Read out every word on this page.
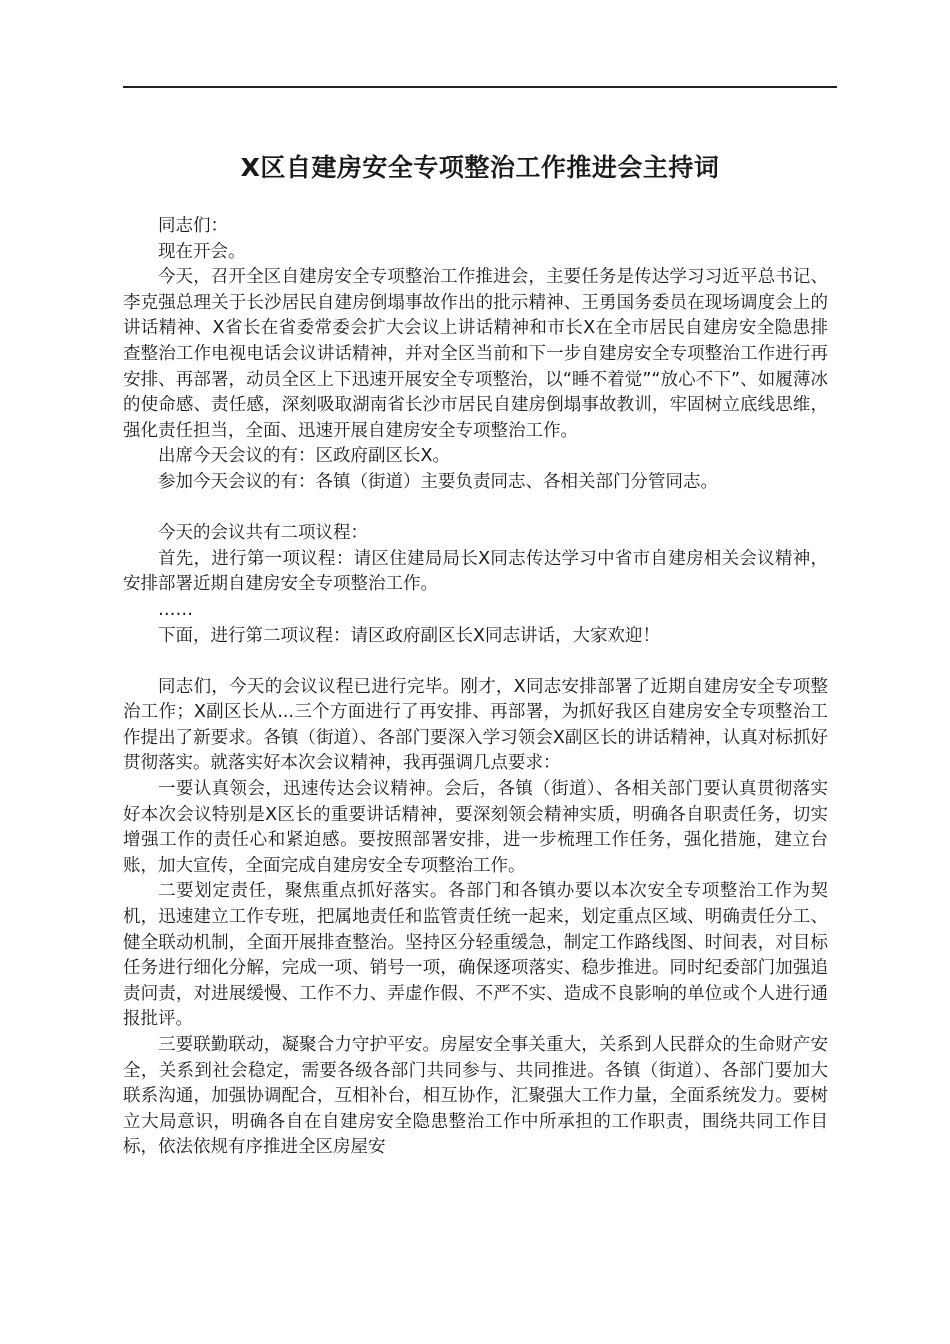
X区自建房安全专项整治工作推进会主持词

同志们：

现在开会。

今天，召开全区自建房安全专项整治工作推进会，主要任务是传达学习习近平总书记、李克强总理关于长沙居民自建房倒塌事故作出的批示精神、王勇国务委员在现场调度会上的讲话精神、X省长在省委常委会扩大会议上讲话精神和市长X在全市居民自建房安全隐患排查整治工作电视电话会议讲话精神，并对全区当前和下一步自建房安全专项整治工作进行再安排、再部署，动员全区上下迅速开展安全专项整治，以“睡不着觉”“放心不下”、如履薄冰的使命感、责任感，深刻吸取湖南省长沙市居民自建房倒塌事故教训，牢固树立底线思维，强化责任担当，全面、迅速开展自建房安全专项整治工作。

出席今天会议的有：区政府副区长X。

参加今天会议的有：各镇（街道）主要负责同志、各相关部门分管同志。

今天的会议共有二项议程：

首先，进行第一项议程：请区住建局局长X同志传达学习中省市自建房相关会议精神，安排部署近期自建房安全专项整治工作。

……

下面，进行第二项议程：请区政府副区长X同志讲话，大家欢迎！

同志们，今天的会议议程已进行完毕。刚才，X同志安排部署了近期自建房安全专项整治工作；X副区长从...三个方面进行了再安排、再部署，为抓好我区自建房安全专项整治工作提出了新要求。各镇（街道）、各部门要深入学习领会X副区长的讲话精神，认真对标抓好贯彻落实。就落实好本次会议精神，我再强调几点要求：

一要认真领会，迅速传达会议精神。会后，各镇（街道）、各相关部门要认真贯彻落实好本次会议特别是X区长的重要讲话精神，要深刻领会精神实质，明确各自职责任务，切实增强工作的责任心和紧迫感。要按照部署安排，进一步梳理工作任务，强化措施，建立台账，加大宣传，全面完成自建房安全专项整治工作。

二要划定责任，聚焦重点抓好落实。各部门和各镇办要以本次安全专项整治工作为契机，迅速建立工作专班，把属地责任和监管责任统一起来，划定重点区域、明确责任分工、健全联动机制，全面开展排查整治。坚持区分轻重缓急，制定工作路线图、时间表，对目标任务进行细化分解，完成一项、销号一项，确保逐项落实、稳步推进。同时纪委部门加强追责问责，对进展缓慢、工作不力、弄虚作假、不严不实、造成不良影响的单位或个人进行通报批评。

三要联勤联动，凝聚合力守护平安。房屋安全事关重大，关系到人民群众的生命财产安全，关系到社会稳定，需要各级各部门共同参与、共同推进。各镇（街道）、各部门要加大联系沟通，加强协调配合，互相补台，相互协作，汇聚强大工作力量，全面系统发力。要树立大局意识，明确各自在自建房安全隐患整治工作中所承担的工作职责，围绕共同工作目标，依法依规有序推进全区房屋安
